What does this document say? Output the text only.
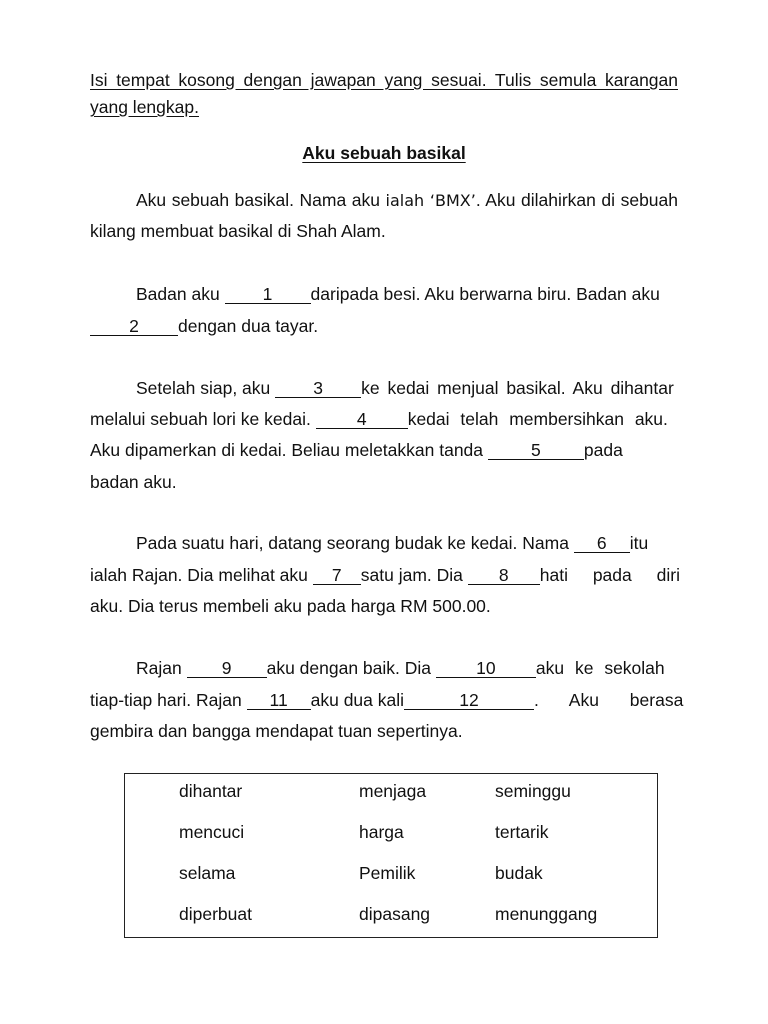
Isi tempat kosong dengan jawapan yang sesuai. Tulis semula karangan
yang lengkap.
Aku sebuah basikal
Aku sebuah basikal. Nama aku ialah ‘BMX’. Aku dilahirkan di sebuah
kilang membuat basikal di Shah Alam.
Badan aku 1 daripada besi. Aku berwarna biru. Badan aku
2 dengan dua tayar.
Setelah siap, aku 3 ke kedai menjual basikal. Aku dihantar
melalui sebuah lori ke kedai. 4 kedai telah membersihkan aku.
Aku dipamerkan di kedai. Beliau meletakkan tanda 5 pada
badan aku.
Pada suatu hari, datang seorang budak ke kedai. Nama 6 itu
ialah Rajan. Dia melihat aku 7 satu jam. Dia 8 hati pada diri
aku. Dia terus membeli aku pada harga RM 500.00.
Rajan 9 aku dengan baik. Dia 10 aku ke sekolah
tiap-tiap hari. Rajan 11 aku dua kali	12	. Aku berasa
gembira dan bangga mendapat tuan sepertinya.
dihantar	menjaga	seminggu
mencuci	harga	tertarik
selama	Pemilik	budak
diperbuat	dipasang	menunggang
